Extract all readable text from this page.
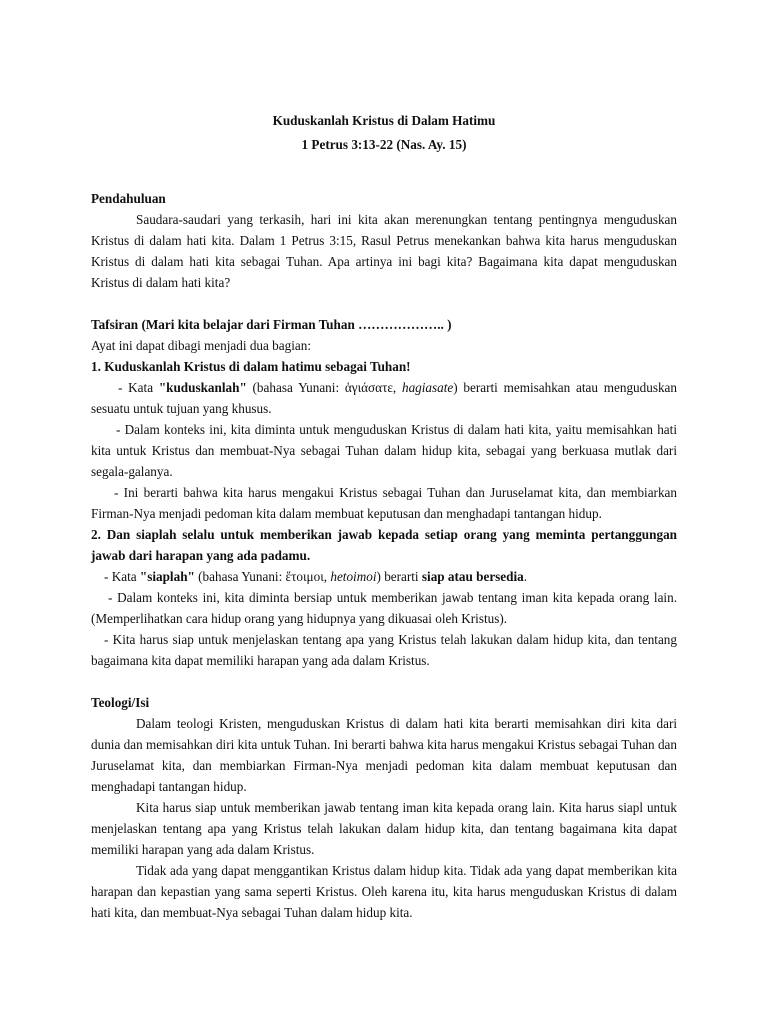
Kuduskanlah Kristus di Dalam Hatimu
1 Petrus 3:13-22 (Nas. Ay. 15)
Pendahuluan

Saudara-saudari yang terkasih, hari ini kita akan merenungkan tentang pentingnya menguduskan Kristus di dalam hati kita. Dalam 1 Petrus 3:15, Rasul Petrus menekankan bahwa kita harus menguduskan Kristus di dalam hati kita sebagai Tuhan. Apa artinya ini bagi kita? Bagaimana kita dapat menguduskan Kristus di dalam hati kita?

Tafsiran (Mari kita belajar dari Firman Tuhan ……………….. )

Ayat ini dapat dibagi menjadi dua bagian:

1. Kuduskanlah Kristus di dalam hatimu sebagai Tuhan!

- Kata "kuduskanlah" (bahasa Yunani: ἁγιάσατε, hagiasate) berarti memisahkan atau menguduskan sesuatu untuk tujuan yang khusus.

- Dalam konteks ini, kita diminta untuk menguduskan Kristus di dalam hati kita, yaitu memisahkan hati kita untuk Kristus dan membuat-Nya sebagai Tuhan dalam hidup kita, sebagai yang berkuasa mutlak dari segala-galanya.

- Ini berarti bahwa kita harus mengakui Kristus sebagai Tuhan dan Juruselamat kita, dan membiarkan Firman-Nya menjadi pedoman kita dalam membuat keputusan dan menghadapi tantangan hidup.

2. Dan siaplah selalu untuk memberikan jawab kepada setiap orang yang meminta pertanggungan jawab dari harapan yang ada padamu.

- Kata "siaplah" (bahasa Yunani: ἕτοιμοι, hetoimoi) berarti siap atau bersedia.

- Dalam konteks ini, kita diminta bersiap untuk memberikan jawab tentang iman kita kepada orang lain. (Memperlihatkan cara hidup orang yang hidupnya yang dikuasai oleh Kristus).

- Kita harus siap untuk menjelaskan tentang apa yang Kristus telah lakukan dalam hidup kita, dan tentang bagaimana kita dapat memiliki harapan yang ada dalam Kristus.

Teologi/Isi

Dalam teologi Kristen, menguduskan Kristus di dalam hati kita berarti memisahkan diri kita dari dunia dan memisahkan diri kita untuk Tuhan. Ini berarti bahwa kita harus mengakui Kristus sebagai Tuhan dan Juruselamat kita, dan membiarkan Firman-Nya menjadi pedoman kita dalam membuat keputusan dan menghadapi tantangan hidup.

Kita harus siap untuk memberikan jawab tentang iman kita kepada orang lain. Kita harus siapl untuk menjelaskan tentang apa yang Kristus telah lakukan dalam hidup kita, dan tentang bagaimana kita dapat memiliki harapan yang ada dalam Kristus.

Tidak ada yang dapat menggantikan Kristus dalam hidup kita. Tidak ada yang dapat memberikan kita harapan dan kepastian yang sama seperti Kristus. Oleh karena itu, kita harus menguduskan Kristus di dalam hati kita, dan membuat-Nya sebagai Tuhan dalam hidup kita.
